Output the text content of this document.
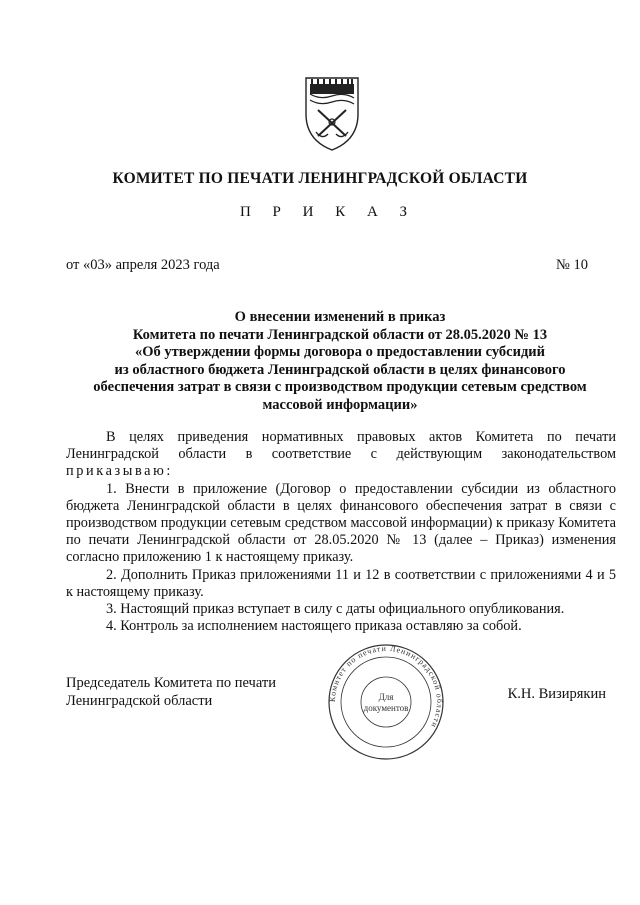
КОМИТЕТ ПО ПЕЧАТИ ЛЕНИНГРАДСКОЙ ОБЛАСТИ
П Р И К А З
от «03» апреля 2023 года	№ 10
О внесении изменений в приказ
Комитета по печати Ленинградской области от 28.05.2020 № 13
«Об утверждении формы договора о предоставлении субсидий
из областного бюджета Ленинградской области в целях финансового
обеспечения затрат в связи с производством продукции сетевым средством
массовой информации»

В целях приведения нормативных правовых актов Комитета по печати Ленинградской области в соответствие с действующим законодательством приказываю:

1. Внести в приложение (Договор о предоставлении субсидии из областного бюджета Ленинградской области в целях финансового обеспечения затрат в связи с производством продукции сетевым средством массовой информации) к приказу Комитета по печати Ленинградской области от 28.05.2020 № 13 (далее – Приказ) изменения согласно приложению 1 к настоящему приказу.

2. Дополнить Приказ приложениями 11 и 12 в соответствии с приложениями 4 и 5 к настоящему приказу.

3. Настоящий приказ вступает в силу с даты официального опубликования.

4. Контроль за исполнением настоящего приказа оставляю за собой.

Председатель Комитета по печати
Ленинградской области	Комитет по печати Ленинградской области
Для
документов
К.Н. Визирякин
